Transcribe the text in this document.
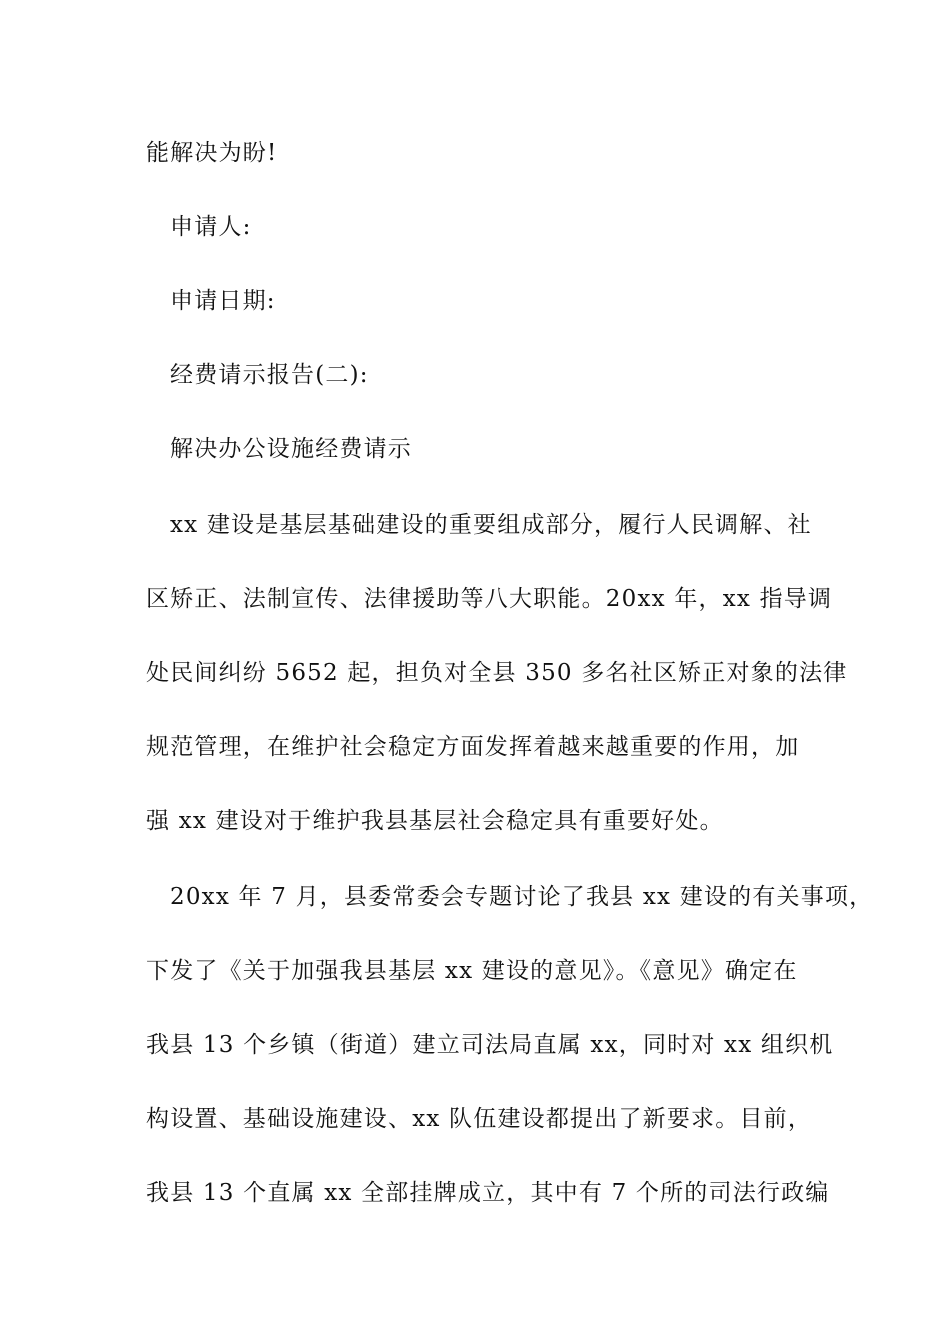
能解决为盼!
申请人:
申请日期:
经费请示报告(二):
解决办公设施经费请示
xx 建设是基层基础建设的重要组成部分，履行人民调解、社
区矫正、法制宣传、法律援助等八大职能。20xx 年，xx 指导调
处民间纠纷 5652 起，担负对全县 350 多名社区矫正对象的法律
规范管理，在维护社会稳定方面发挥着越来越重要的作用，加
强 xx 建设对于维护我县基层社会稳定具有重要好处。
20xx 年 7 月，县委常委会专题讨论了我县 xx 建设的有关事项，
下发了《关于加强我县基层 xx 建设的意见》。《意见》确定在
我县 13 个乡镇（街道）建立司法局直属 xx，同时对 xx 组织机
构设置、基础设施建设、xx 队伍建设都提出了新要求。目前，
我县 13 个直属 xx 全部挂牌成立，其中有 7 个所的司法行政编
